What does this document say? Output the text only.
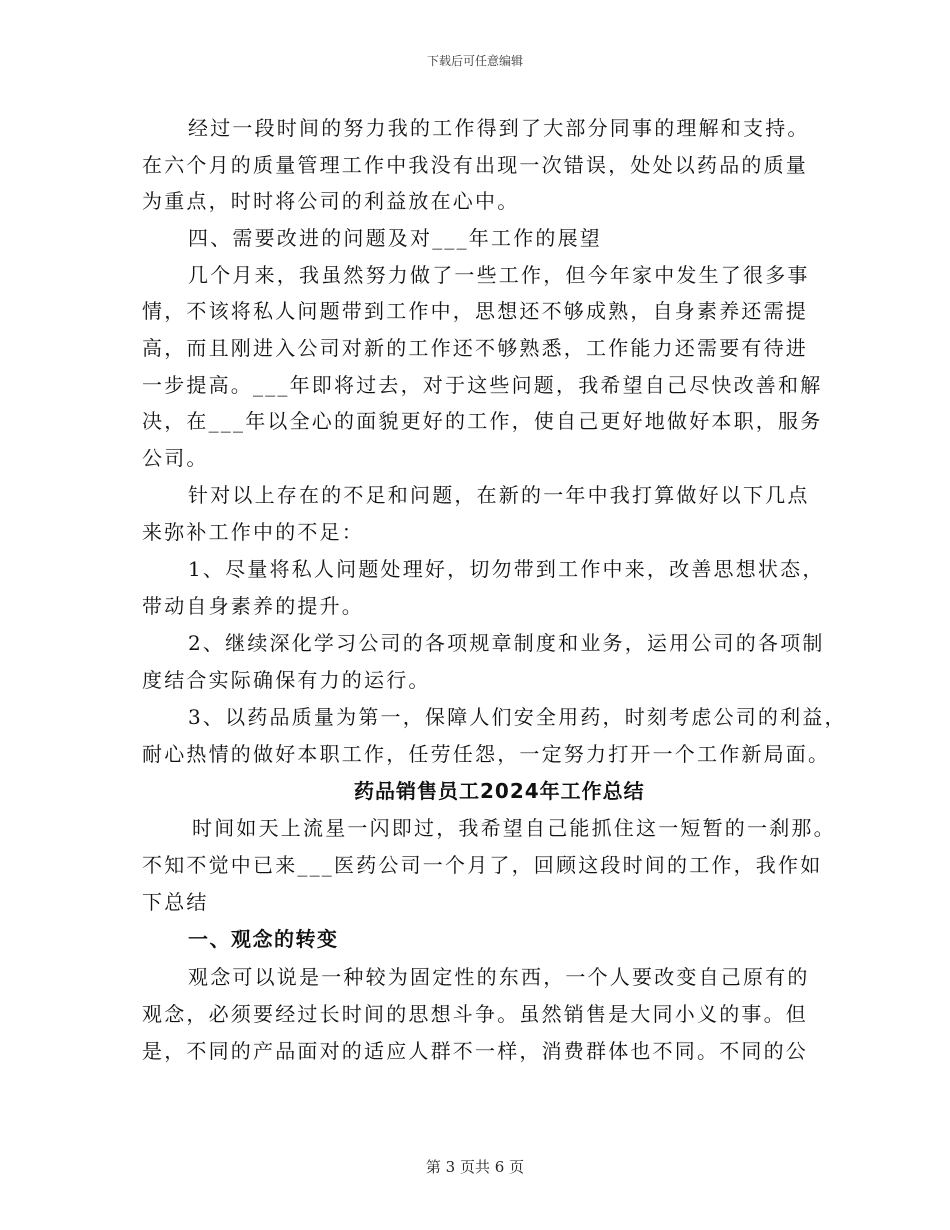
下载后可任意编辑
经过一段时间的努力我的工作得到了大部分同事的理解和支持。
在六个月的质量管理工作中我没有出现一次错误，处处以药品的质量
为重点，时时将公司的利益放在心中。
四、需要改进的问题及对___年工作的展望
几个月来，我虽然努力做了一些工作，但今年家中发生了很多事
情，不该将私人问题带到工作中，思想还不够成熟，自身素养还需提
高，而且刚进入公司对新的工作还不够熟悉，工作能力还需要有待进
一步提高。___年即将过去，对于这些问题，我希望自己尽快改善和解
决，在___年以全心的面貌更好的工作，使自己更好地做好本职，服务
公司。
针对以上存在的不足和问题，在新的一年中我打算做好以下几点
来弥补工作中的不足：
1、尽量将私人问题处理好，切勿带到工作中来，改善思想状态，
带动自身素养的提升。
2、继续深化学习公司的各项规章制度和业务，运用公司的各项制
度结合实际确保有力的运行。
3、以药品质量为第一，保障人们安全用药，时刻考虑公司的利益，
耐心热情的做好本职工作，任劳任怨，一定努力打开一个工作新局面。
药品销售员工2024年工作总结
时间如天上流星一闪即过，我希望自己能抓住这一短暂的一刹那。
不知不觉中已来___医药公司一个月了，回顾这段时间的工作，我作如
下总结
一、观念的转变
观念可以说是一种较为固定性的东西，一个人要改变自己原有的
观念，必须要经过长时间的思想斗争。虽然销售是大同小义的事。但
是，不同的产品面对的适应人群不一样，消费群体也不同。不同的公
第 3 页共 6 页
